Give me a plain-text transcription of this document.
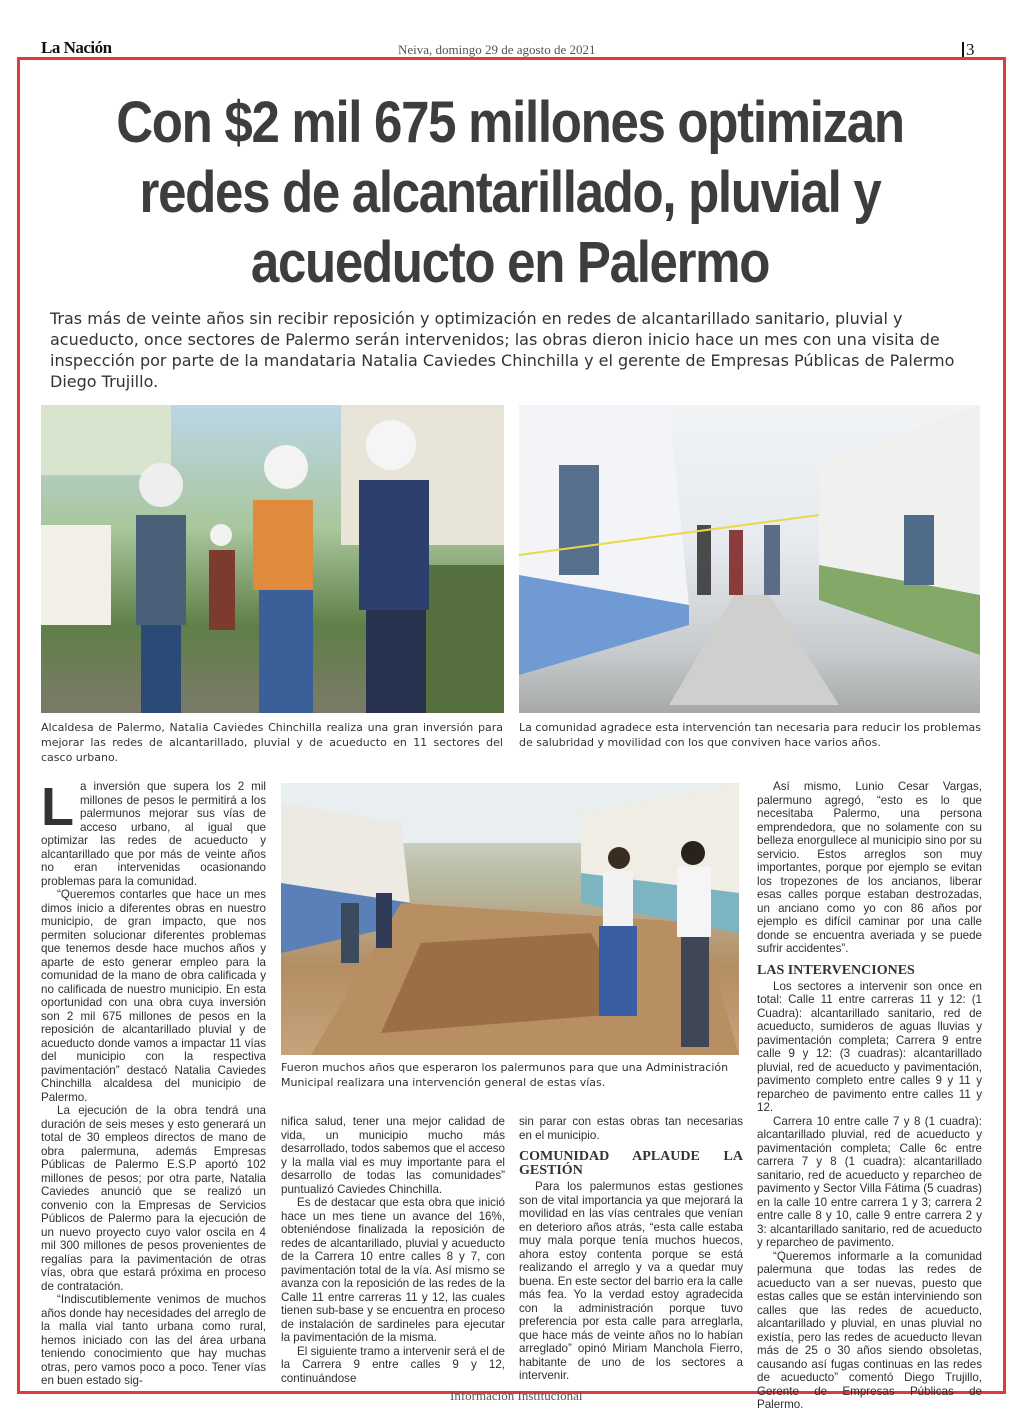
La Nación	Neiva, domingo 29 de agosto de 2021	3
Con $2 mil 675 millones optimizan redes de alcantarillado, pluvial y acueducto en Palermo

Tras más de veinte años sin recibir reposición y optimización en redes de alcantarillado sanitario, pluvial y acueducto, once sectores de Palermo serán intervenidos; las obras dieron inicio hace un mes con una visita de inspección por parte de la mandataria Natalia Caviedes Chinchilla y el gerente de Empresas Públicas de Palermo Diego Trujillo.

Alcaldesa de Palermo, Natalia Caviedes Chinchilla realiza una gran inversión para mejorar las redes de alcantarillado, pluvial y de acueducto en 11 sectores del casco urbano.

La comunidad agradece esta intervención tan necesaria para reducir los problemas de salubridad y movilidad con los que conviven hace varios años.

Fueron muchos años que esperaron los palermunos para que una Administración Municipal realizara una intervención general de estas vías.

La inversión que supera los 2 mil millones de pesos le permitirá a los palermunos mejorar sus vías de acceso urbano, al igual que optimizar las redes de acueducto y alcantarillado que por más de veinte años no eran intervenidas ocasionando problemas para la comunidad.

“Queremos contarles que hace un mes dimos inicio a diferentes obras en nuestro municipio, de gran impacto, que nos permiten solucionar diferentes problemas que tenemos desde hace muchos años y aparte de esto generar empleo para la comunidad de la mano de obra calificada y no calificada de nuestro municipio. En esta oportunidad con una obra cuya inversión son 2 mil 675 millones de pesos en la reposición de alcantarillado pluvial y de acueducto donde vamos a impactar 11 vías del municipio con la respectiva pavimentación” destacó Natalia Caviedes Chinchilla alcaldesa del municipio de Palermo.

La ejecución de la obra tendrá una duración de seis meses y esto generará un total de 30 empleos directos de mano de obra palermuna, además Empresas Públicas de Palermo E.S.P aportó 102 millones de pesos; por otra parte, Natalia Caviedes anunció que se realizó un convenio con la Empresas de Servicios Públicos de Palermo para la ejecución de un nuevo proyecto cuyo valor oscila en 4 mil 300 millones de pesos provenientes de regalías para la pavimentación de otras vías, obra que estará próxima en proceso de contratación.

“Indiscutiblemente venimos de muchos años donde hay necesidades del arreglo de la malla vial tanto urbana como rural, hemos iniciado con las del área urbana teniendo conocimiento que hay muchas otras, pero vamos poco a poco. Tener vías en buen estado sig-

nifica salud, tener una mejor calidad de vida, un municipio mucho más desarrollado, todos sabemos que el acceso y la malla vial es muy importante para el desarrollo de todas las comunidades” puntualizó Caviedes Chinchilla.

Es de destacar que esta obra que inició hace un mes tiene un avance del 16%, obteniéndose finalizada la reposición de redes de alcantarillado, pluvial y acueducto de la Carrera 10 entre calles 8 y 7, con pavimentación total de la vía. Así mismo se avanza con la reposición de las redes de la Calle 11 entre carreras 11 y 12, las cuales tienen sub-base y se encuentra en proceso de instalación de sardineles para ejecutar la pavimentación de la misma.

El siguiente tramo a intervenir será el de la Carrera 9 entre calles 9 y 12, continuándose

sin parar con estas obras tan necesarias en el municipio.

COMUNIDAD APLAUDE LA GESTIÓN

Para los palermunos estas gestiones son de vital importancia ya que mejorará la movilidad en las vías centrales que venían en deterioro años atrás, “esta calle estaba muy mala porque tenía muchos huecos, ahora estoy contenta porque se está realizando el arreglo y va a quedar muy buena. En este sector del barrio era la calle más fea. Yo la verdad estoy agradecida con la administración porque tuvo preferencia por esta calle para arreglarla, que hace más de veinte años no lo habían arreglado” opinó Miriam Manchola Fierro, habitante de uno de los sectores a intervenir.

Así mismo, Lunio Cesar Vargas, palermuno agregó, “esto es lo que necesitaba Palermo, una persona emprendedora, que no solamente con su belleza enorgullece al municipio sino por su servicio. Estos arreglos son muy importantes, porque por ejemplo se evitan los tropezones de los ancianos, liberar esas calles porque estaban destrozadas, un anciano como yo con 86 años por ejemplo es difícil caminar por una calle donde se encuentra averiada y se puede sufrir accidentes”.

LAS INTERVENCIONES

Los sectores a intervenir son once en total: Calle 11 entre carreras 11 y 12: (1 Cuadra): alcantarillado sanitario, red de acueducto, sumideros de aguas lluvias y pavimentación completa; Carrera 9 entre calle 9 y 12: (3 cuadras): alcantarillado pluvial, red de acueducto y pavimentación, pavimento completo entre calles 9 y 11 y reparcheo de pavimento entre calles 11 y 12.

Carrera 10 entre calle 7 y 8 (1 cuadra): alcantarillado pluvial, red de acueducto y pavimentación completa; Calle 6c entre carrera 7 y 8 (1 cuadra): alcantarillado sanitario, red de acueducto y reparcheo de pavimento y Sector Villa Fátima (5 cuadras) en la calle 10 entre carrera 1 y 3; carrera 2 entre calle 8 y 10, calle 9 entre carrera 2 y 3: alcantarillado sanitario, red de acueducto y reparcheo de pavimento.

“Queremos informarle a la comunidad palermuna que todas las redes de acueducto van a ser nuevas, puesto que estas calles que se están interviniendo son calles que las redes de acueducto, alcantarillado y pluvial, en unas pluvial no existía, pero las redes de acueducto llevan más de 25 o 30 años siendo obsoletas, causando así fugas continuas en las redes de acueducto” comentó Diego Trujillo, Gerente de Empresas Públicas de Palermo.

Información Institucional
